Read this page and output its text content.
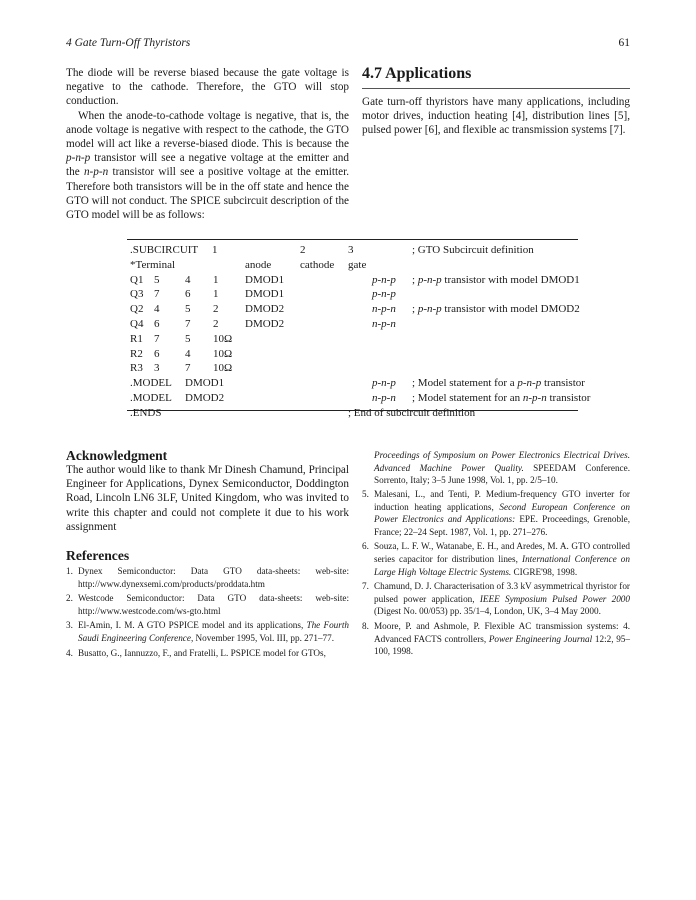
4 Gate Turn-Off Thyristors	61

The diode will be reverse biased because the gate voltage is negative to the cathode. Therefore, the GTO will stop conduction.

When the anode-to-cathode voltage is negative, that is, the anode voltage is negative with respect to the cathode, the GTO model will act like a reverse-biased diode. This is because the p-n-p transistor will see a negative voltage at the emitter and the n-p-n transistor will see a positive voltage at the emitter. Therefore both transistors will be in the off state and hence the GTO will not conduct. The SPICE subcircuit description of the GTO model will be as follows:

4.7 Applications
Gate turn-off thyristors have many applications, including motor drives, induction heating [4], distribution lines [5], pulsed power [6], and flexible ac transmission systems [7].
.SUBCIRCUIT 1	2	3	; GTO Subcircuit definition
*Terminal	anode	cathode gate
Q1 5 4 1 DMOD1	p-n-p ; p-n-p transistor with model DMOD1
Q3 7 6 1 DMOD1	p-n-p
Q2 4 5 2 DMOD2	n-p-n ; p-n-p transistor with model DMOD2
Q4 6 7 2 DMOD2	n-p-n
R1 7 5 10Ω
R2 6 4 10Ω
R3 3 7 10Ω
.MODEL DMOD1	p-n-p ; Model statement for a p-n-p transistor
.MODEL DMOD2	n-p-n ; Model statement for an n-p-n transistor
.ENDS	; End of subcircuit definition
Acknowledgment
The author would like to thank Mr Dinesh Chamund, Principal Engineer for Applications, Dynex Semiconductor, Doddington Road, Lincoln LN6 3LF, United Kingdom, who was invited to write this chapter and could not complete it due to his work assignment
References
1. Dynex Semiconductor: Data GTO data-sheets: web-site: http://www.dynexsemi.com/products/proddata.htm
2. Westcode Semiconductor: Data GTO data-sheets: web-site: http://www.westcode.com/ws-gto.html
3. El-Amin, I. M. A GTO PSPICE model and its applications, The Fourth Saudi Engineering Conference, November 1995, Vol. III, pp. 271–77.
4. Busatto, G., Iannuzzo, F., and Fratelli, L. PSPICE model for GTOs,
Proceedings of Symposium on Power Electronics Electrical Drives. Advanced Machine Power Quality. SPEEDAM Conference. Sorrento, Italy; 3–5 June 1998, Vol. 1, pp. 2/5–10.
5. Malesani, L., and Tenti, P. Medium-frequency GTO inverter for induction heating applications, Second European Conference on Power Electronics and Applications: EPE. Proceedings, Grenoble, France; 22–24 Sept. 1987, Vol. 1, pp. 271–276.
6. Souza, L. F. W., Watanabe, E. H., and Aredes, M. A. GTO controlled series capacitor for distribution lines, International Conference on Large High Voltage Electric Systems. CIGRE'98, 1998.
7. Chamund, D. J. Characterisation of 3.3 kV asymmetrical thyristor for pulsed power application, IEEE Symposium Pulsed Power 2000 (Digest No. 00/053) pp. 35/1–4, London, UK, 3–4 May 2000.
8. Moore, P. and Ashmole, P. Flexible AC transmission systems: 4. Advanced FACTS controllers, Power Engineering Journal 12:2, 95–100, 1998.
